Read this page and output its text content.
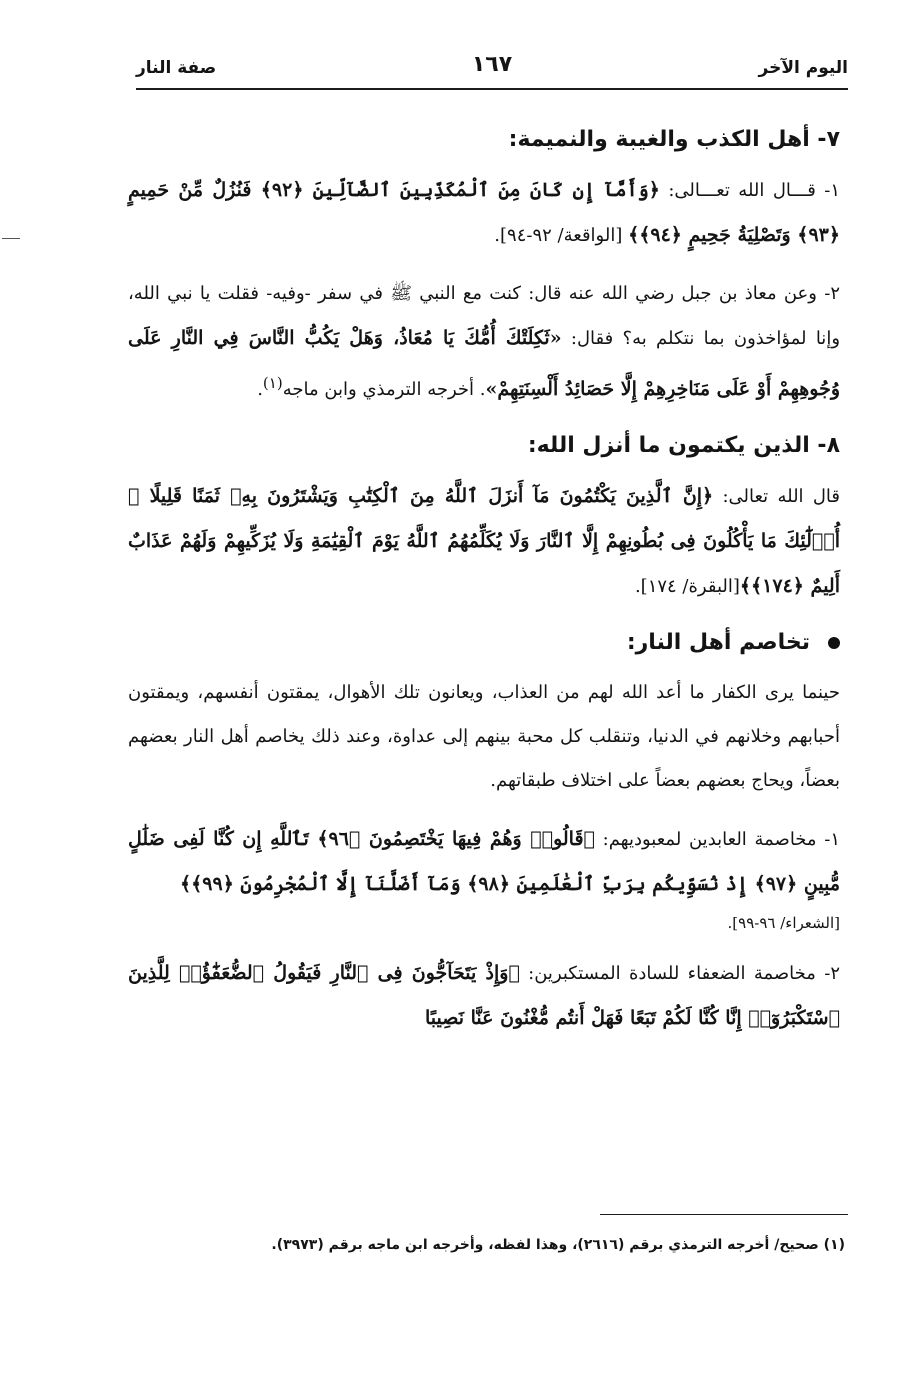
اليوم الآخر
١٦٧
صفة النار
٧- أهل الكذب والغيبة والنميمة:

١- قـــال الله تعـــالى: ﴿وَأَمَّآ إِن كَانَ مِنَ ٱلْمُكَذِّبِينَ ٱلضَّآلِّينَ ﴿٩٢﴾ فَنُزُلٌ مِّنْ حَمِيمٍ ﴿٩٣﴾ وَتَصْلِيَةُ جَحِيمٍ ﴿٩٤﴾﴾ [الواقعة/ ٩٢-٩٤].

٢- وعن معاذ بن جبل رضي الله عنه قال: كنت مع النبي ﷺ في سفر -وفيه- فقلت يا نبي الله، وإنا لمؤاخذون بما نتكلم به؟ فقال: «ثَكِلَتْكَ أُمُّكَ يَا مُعَاذُ، وَهَلْ يَكُبُّ النَّاسَ فِي النَّارِ عَلَى وُجُوهِهِمْ أَوْ عَلَى مَنَاخِرِهِمْ إِلَّا حَصَائِدُ أَلْسِنَتِهِمْ». أخرجه الترمذي وابن ماجه$^{(١)}$.

٨- الذين يكتمون ما أنزل الله:

قال الله تعالى: ﴿إِنَّ ٱلَّذِينَ يَكْتُمُونَ مَآ أَنزَلَ ٱللَّهُ مِنَ ٱلْكِتَٰبِ وَيَشْتَرُونَ بِهِۦ ثَمَنًا قَلِيلًا ۙ أُو۟لَٰٓئِكَ مَا يَأْكُلُونَ فِى بُطُونِهِمْ إِلَّا ٱلنَّارَ وَلَا يُكَلِّمُهُمُ ٱللَّهُ يَوْمَ ٱلْقِيَٰمَةِ وَلَا يُزَكِّيهِمْ وَلَهُمْ عَذَابٌ أَلِيمٌ ﴿١٧٤﴾﴾[البقرة/ ١٧٤].

تخاصم أهل النار:

حينما يرى الكفار ما أعد الله لهم من العذاب، ويعانون تلك الأهوال، يمقتون أنفسهم، ويمقتون أحبابهم وخلانهم في الدنيا، وتنقلب كل محبة بينهم إلى عداوة، وعند ذلك يخاصم أهل النار بعضهم بعضاً، ويحاج بعضهم بعضاً على اختلاف طبقاتهم.

١- مخاصمة العابدين لمعبوديهم: ﴿قَالُوا۟ وَهُمْ فِيهَا يَخْتَصِمُونَ ﴿٩٦﴾ تَٱللَّهِ إِن كُنَّا لَفِى ضَلَٰلٍ مُّبِينٍ ﴿٩٧﴾ إِذْ نُسَوِّيكُم بِرَبِّ ٱلْعَٰلَمِينَ ﴿٩٨﴾ وَمَآ أَضَلَّنَآ إِلَّا ٱلْمُجْرِمُونَ ﴿٩٩﴾﴾

[الشعراء/ ٩٦-٩٩].

٢- مخاصمة الضعفاء للسادة المستكبرين: ﴿وَإِذْ يَتَحَآجُّونَ فِى ٱلنَّارِ فَيَقُولُ ٱلضُّعَفَٰٓؤُا۟ لِلَّذِينَ ٱسْتَكْبَرُوٓا۟ إِنَّا كُنَّا لَكُمْ تَبَعًا فَهَلْ أَنتُم مُّغْنُونَ عَنَّا نَصِيبًا

(١) صحيح/ أخرجه الترمذي برقم (٢٦١٦)، وهذا لفظه، وأخرجه ابن ماجه برقم (٣٩٧٣).
